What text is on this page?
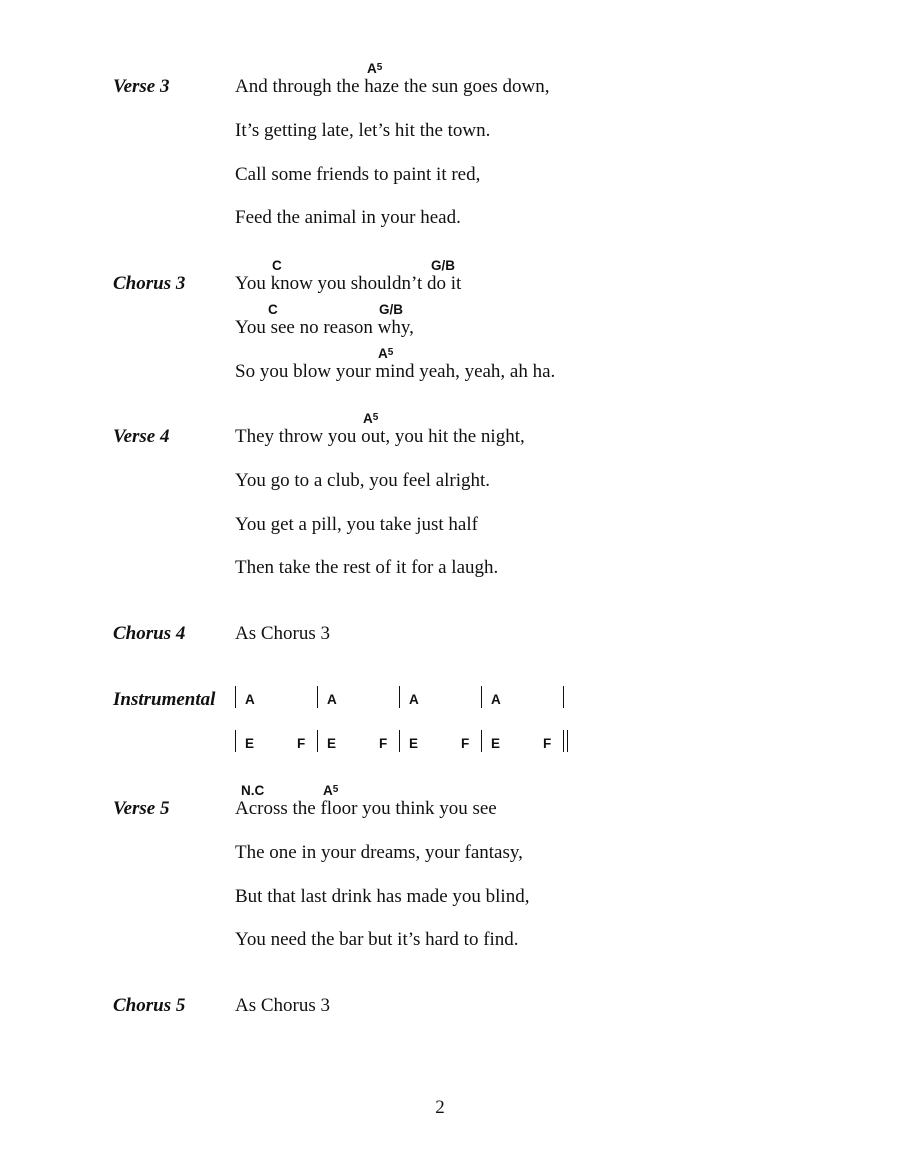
$A^5$
Verse 3	And through the haze the sun goes down,
It’s getting late, let’s hit the town.
Call some friends to paint it red,
Feed the animal in your head.
C	G/B
Chorus 3	You know you shouldn’t do it
C	G/B
You see no reason why,
$A^5$
So you blow your mind yeah, yeah, ah ha.
$A^5$
Verse 4	They throw you out, you hit the night,
You go to a club, you feel alright.
You get a pill, you take just half
Then take the rest of it for a laugh.
Chorus 4	As Chorus 3
Instrumental A	A	A	A
E	F E	F E	F E	F
N.C	$A^5$
Verse 5	Across the floor you think you see
The one in your dreams, your fantasy,
But that last drink has made you blind,
You need the bar but it’s hard to find.
Chorus 5	As Chorus 3
2
